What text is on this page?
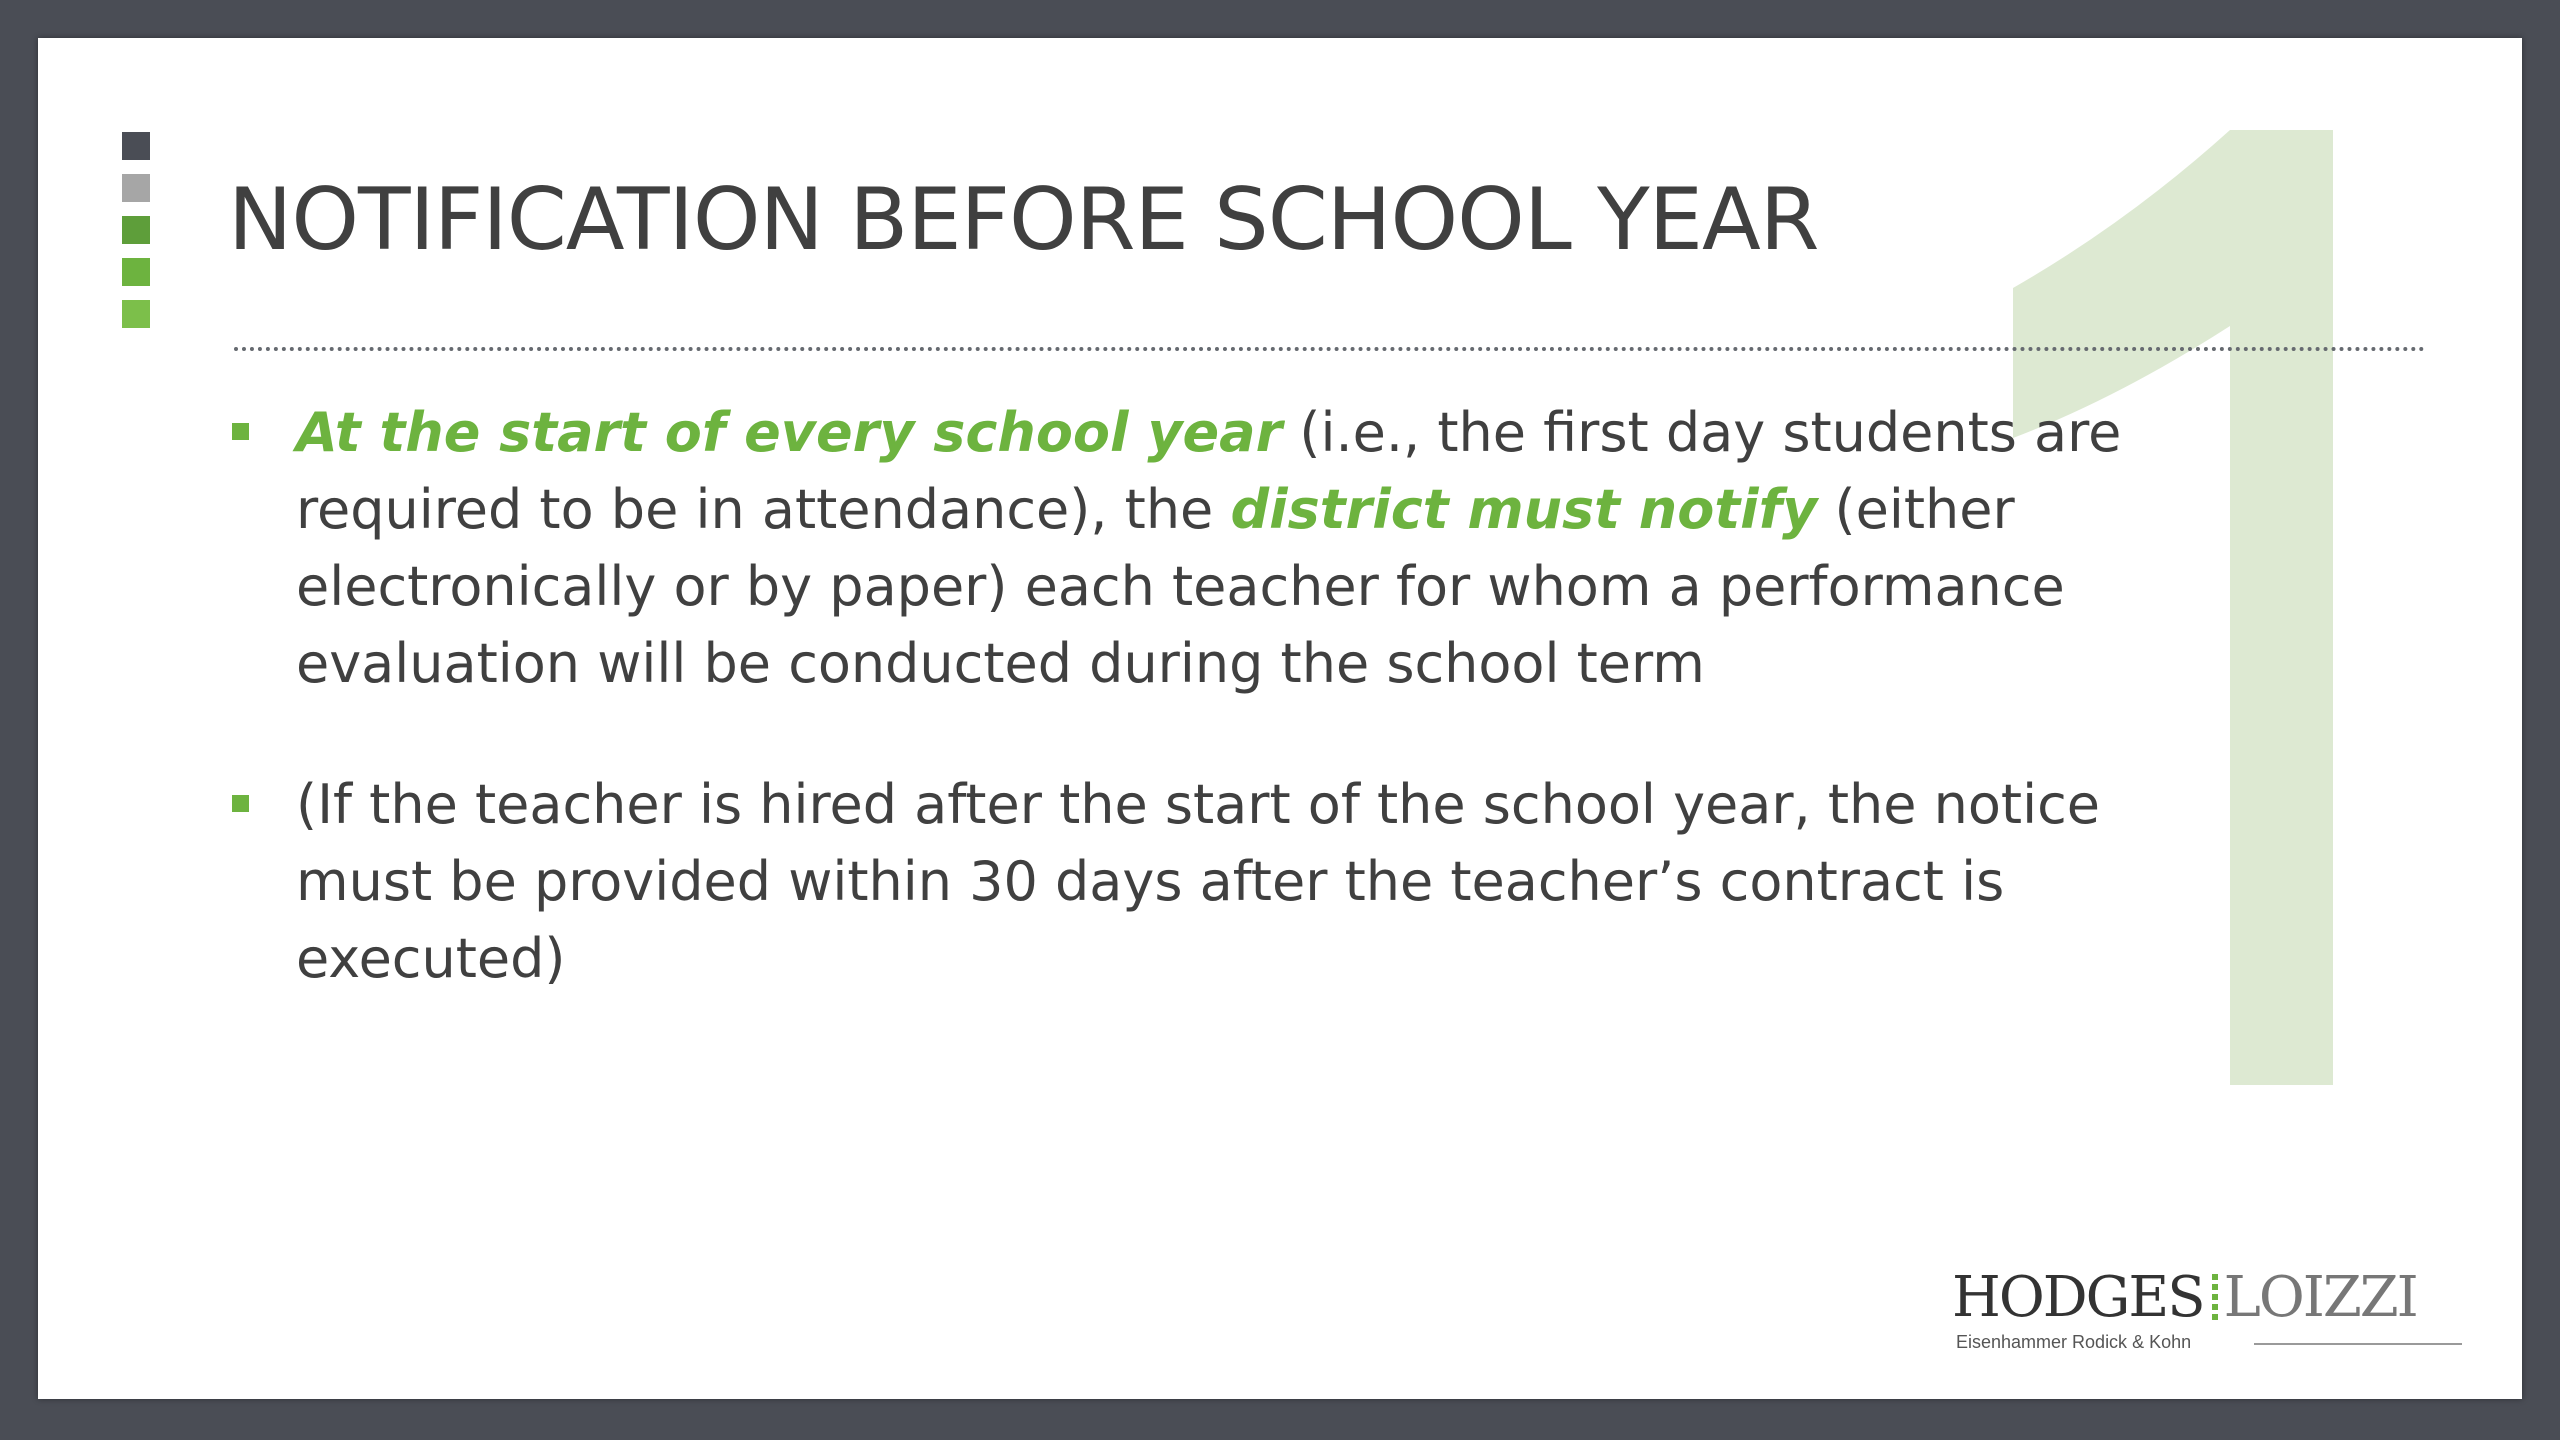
NOTIFICATION BEFORE SCHOOL YEAR
At the start of every school year (i.e., the first day students are required to be in attendance), the district must notify (either electronically or by paper) each teacher for whom a performance evaluation will be conducted during the school term
(If the teacher is hired after the start of the school year, the notice must be provided within 30 days after the teacher’s contract is executed)
HODGES LOIZZI
Eisenhammer Rodick & Kohn
